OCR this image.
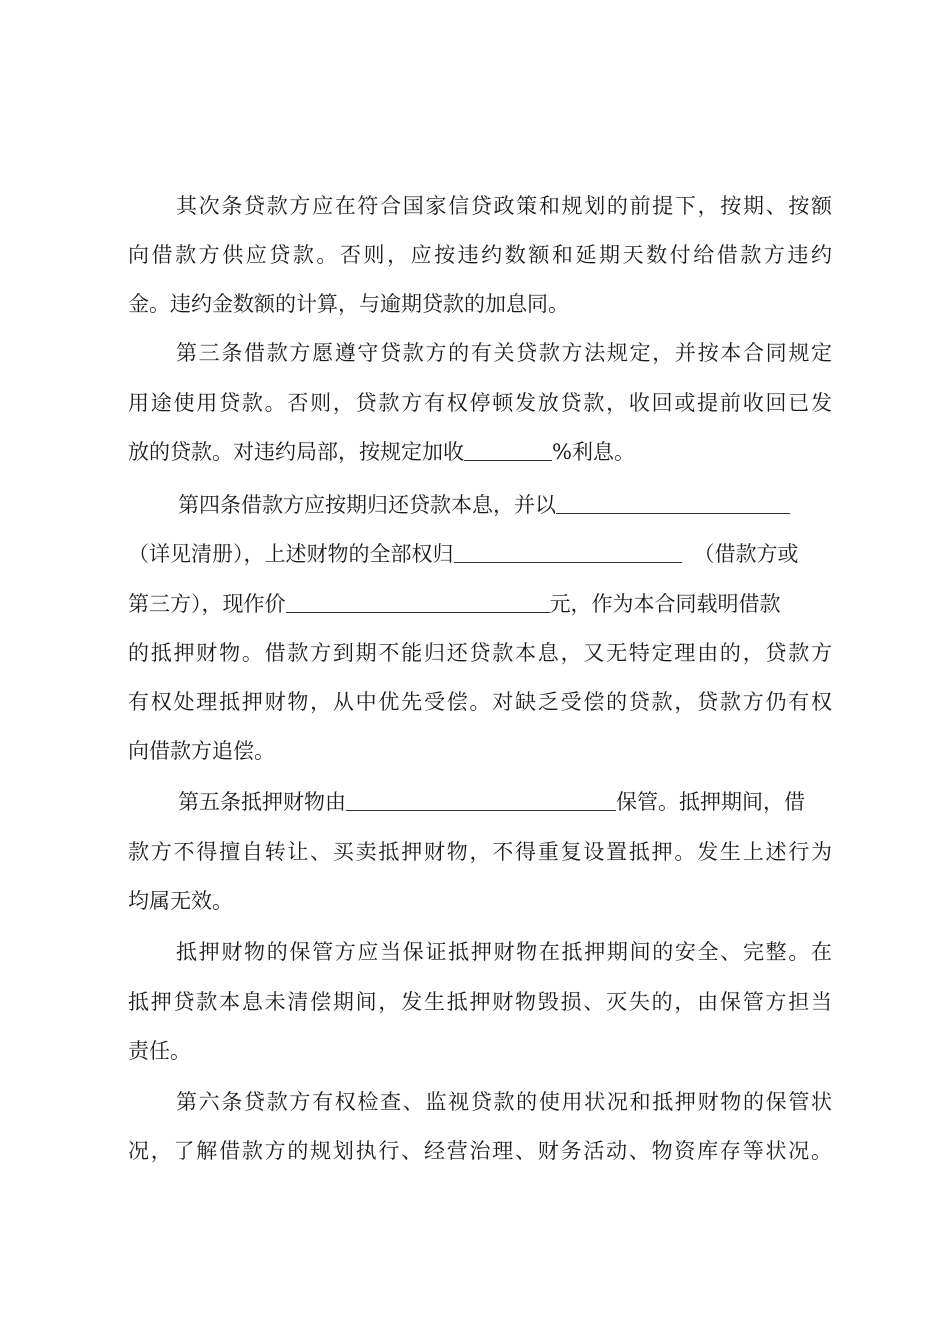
其次条贷款方应在符合国家信贷政策和规划的前提下，按期、按额
向借款方供应贷款。否则，应按违约数额和延期天数付给借款方违约
金。违约金数额的计算，与逾期贷款的加息同。
第三条借款方愿遵守贷款方的有关贷款方法规定，并按本合同规定
用途使用贷款。否则，贷款方有权停顿发放贷款，收回或提前收回已发
放的贷款。对违约局部，按规定加收	%利息。
第四条借款方应按期归还贷款本息，并以
（详见清册），上述财物的全部权归	（借款方或
第三方），现作价	元，作为本合同载明借款
的抵押财物。借款方到期不能归还贷款本息，又无特定理由的，贷款方
有权处理抵押财物，从中优先受偿。对缺乏受偿的贷款，贷款方仍有权
向借款方追偿。
第五条抵押财物由	保管。抵押期间，借
款方不得擅自转让、买卖抵押财物，不得重复设置抵押。发生上述行为
均属无效。
抵押财物的保管方应当保证抵押财物在抵押期间的安全、完整。在
抵押贷款本息未清偿期间，发生抵押财物毁损、灭失的，由保管方担当
责任。
第六条贷款方有权检查、监视贷款的使用状况和抵押财物的保管状
况，了解借款方的规划执行、经营治理、财务活动、物资库存等状况。
